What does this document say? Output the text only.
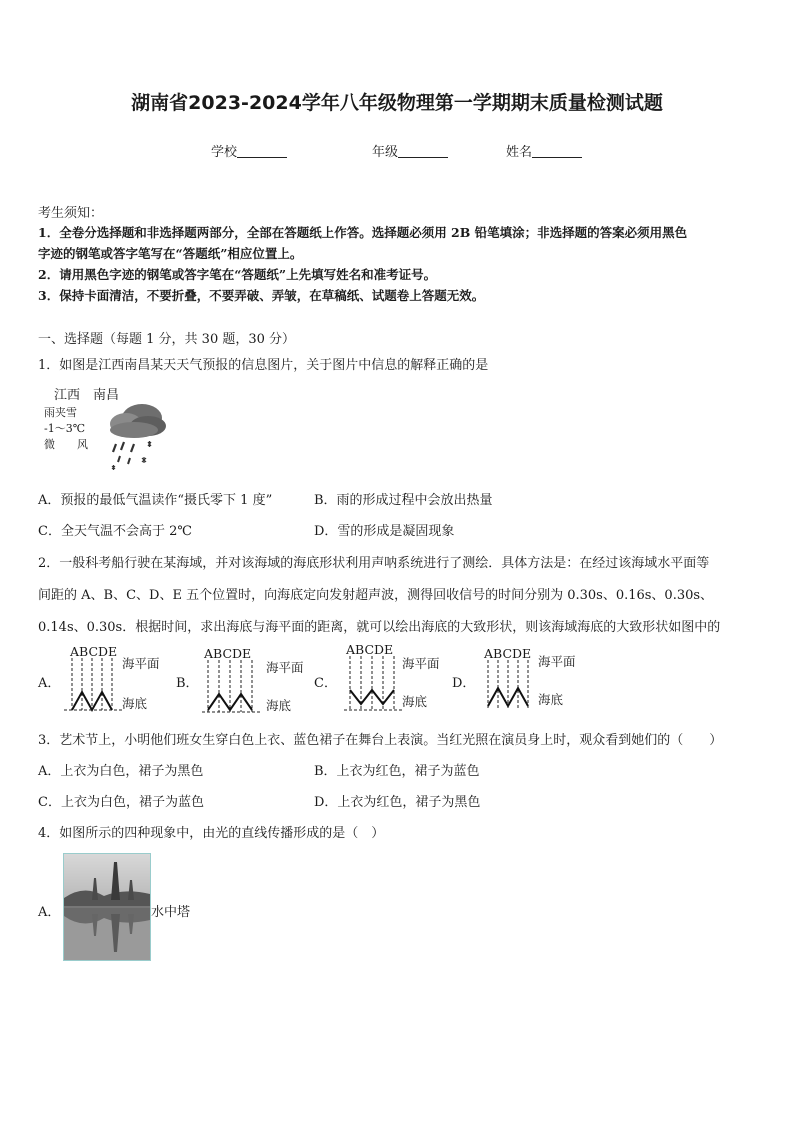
湖南省2023-2024学年八年级物理第一学期期末质量检测试题
学校	年级	姓名
考生须知：
1．全卷分选择题和非选择题两部分，全部在答题纸上作答。选择题必须用 2B 铅笔填涂；非选择题的答案必须用黑色
字迹的钢笔或答字笔写在“答题纸”相应位置上。
2．请用黑色字迹的钢笔或答字笔在“答题纸”上先填写姓名和准考证号。
3．保持卡面清洁，不要折叠，不要弄破、弄皱，在草稿纸、试题卷上答题无效。
一、选择题（每题 1 分，共 30 题，30 分）
1．如图是江西南昌某天天气预报的信息图片，关于图片中信息的解释正确的是
江西　南昌
雨夹雪
-1～3℃
微　　风
A．预报的最低气温读作“摄氏零下 1 度”	B．雨的形成过程中会放出热量
C．全天气温不会高于 2℃	D．雪的形成是凝固现象
2．一般科考船行驶在某海域，并对该海域的海底形状利用声呐系统进行了测绘．具体方法是：在经过该海域水平面等
间距的 A、B、C、D、E 五个位置时，向海底定向发射超声波，测得回收信号的时间分别为 0.30s、0.16s、0.30s、
0.14s、0.30s．根据时间，求出海底与海平面的距离，就可以绘出海底的大致形状，则该海域海底的大致形状如图中的
A．
ABCDE
海平面
海底
B．
ABCDE
海平面
海底
C．
ABCDE
海平面
海底
D．
ABCDE
海平面
海底
3．艺术节上，小明他们班女生穿白色上衣、蓝色裙子在舞台上表演。当红光照在演员身上时，观众看到她们的（　　）
A．上衣为白色，裙子为黑色	B．上衣为红色，裙子为蓝色
C．上衣为白色，裙子为蓝色	D．上衣为红色，裙子为黑色
4．如图所示的四种现象中，由光的直线传播形成的是（　）
A．	水中塔
